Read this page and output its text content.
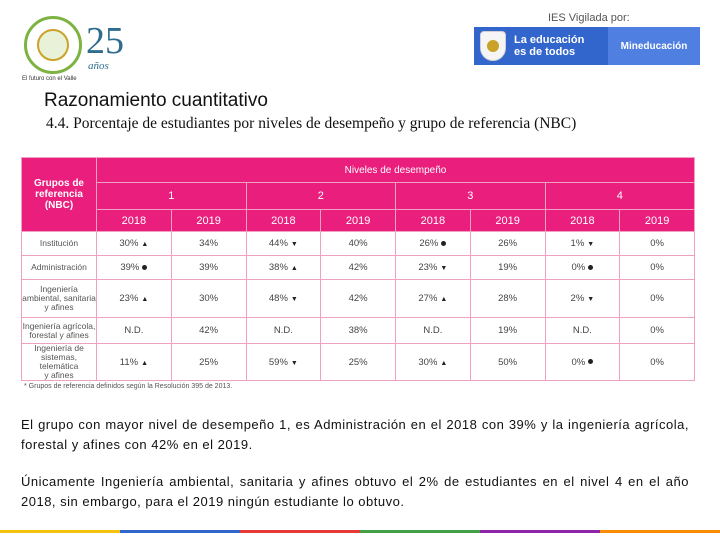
25
años
El futuro con el Valle
IES Vigilada por:
La educación
es de todos	Mineducación
Razonamiento cuantitativo
4.4. Porcentaje de estudiantes por niveles de desempeño y grupo de referencia (NBC)
Grupos de
referencia (NBC)	Niveles de desempeño							
	1		2		3		4	
	2018	2019	2018	2019	2018	2019	2018	2019

Institución	30% ▲	34%	44% ▼	40%	26%	26%	1% ▼	0%

Administración	39%	39%	38% ▲	42%	23% ▼	19%	0%	0%

Ingeniería
ambiental, sanitaria
y afines	23% ▲	30%	48% ▼	42%	27% ▲	28%	2% ▼	0%

Ingeniería agrícola,
forestal y afines	N.D.	42%	N.D.	38%	N.D.	19%	N.D.	0%

Ingeniería de
sistemas, telemática
y afines	11% ▲	25%	59% ▼	25%	30% ▲	50%	0%	0%
* Grupos de referencia definidos según la Resolución 395 de 2013.
El grupo con mayor nivel de desempeño 1, es Administración en el 2018 con 39% y la ingeniería agrícola, forestal y afines con 42% en el 2019.
Únicamente Ingeniería ambiental, sanitaria y afines obtuvo el 2% de estudiantes en el nivel 4 en el año 2018, sin embargo, para el 2019 ningún estudiante lo obtuvo.
